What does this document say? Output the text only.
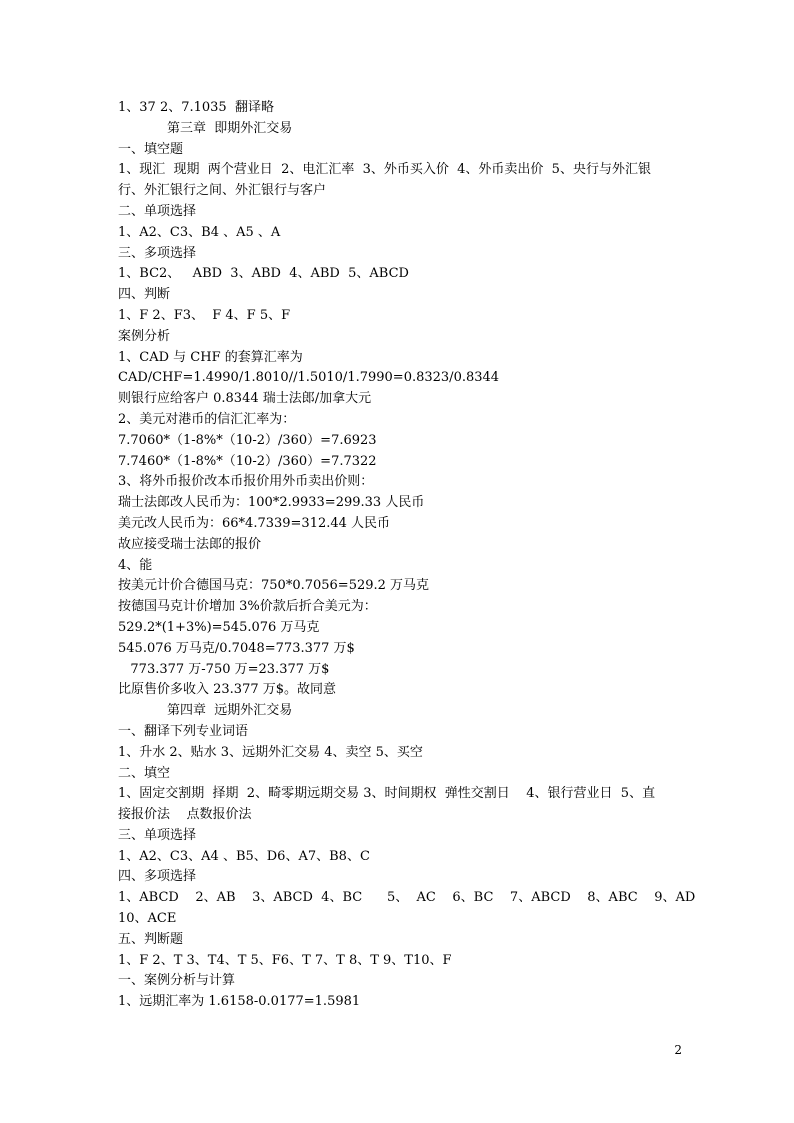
1、37 2、7.1035  翻译略
第三章  即期外汇交易
一、填空题
1、现汇  现期  两个营业日  2、电汇汇率  3、外币买入价  4、外币卖出价  5、央行与外汇银
行、外汇银行之间、外汇银行与客户
二、单项选择
1、A2、C3、B4 、A5 、A
三、多项选择
1、BC2、   ABD  3、ABD  4、ABD  5、ABCD
四、判断
1、F 2、F3、  F 4、F 5、F
案例分析
1、CAD 与 CHF 的套算汇率为
CAD/CHF=1.4990/1.8010//1.5010/1.7990=0.8323/0.8344
则银行应给客户 0.8344 瑞士法郎/加拿大元
2、美元对港币的信汇汇率为：
7.7060*（1-8%*（10-2）/360）=7.6923
7.7460*（1-8%*（10-2）/360）=7.7322
3、将外币报价改本币报价用外币卖出价则：
瑞士法郎改人民币为：100*2.9933=299.33 人民币
美元改人民币为：66*4.7339=312.44 人民币
故应接受瑞士法郎的报价
4、能
按美元计价合德国马克：750*0.7056=529.2 万马克
按德国马克计价增加 3%价款后折合美元为：
529.2*(1+3%)=545.076 万马克
545.076 万马克/0.7048=773.377 万$
773.377 万-750 万=23.377 万$
比原售价多收入 23.377 万$。故同意
第四章  远期外汇交易
一、翻译下列专业词语
1、升水 2、贴水 3、远期外汇交易 4、卖空 5、买空
二、填空
1、固定交割期  择期  2、畸零期远期交易 3、时间期权  弹性交割日    4、银行营业日  5、直
接报价法    点数报价法
三、单项选择
1、A2、C3、A4 、B5、D6、A7、B8、C
四、多项选择
1、ABCD    2、AB    3、ABCD  4、BC      5、  AC    6、BC    7、ABCD    8、ABC    9、AD
10、ACE
五、判断题
1、F 2、T 3、T4、T 5、F6、T 7、T 8、T 9、T10、F
一、案例分析与计算
1、远期汇率为 1.6158-0.0177=1.5981
2
